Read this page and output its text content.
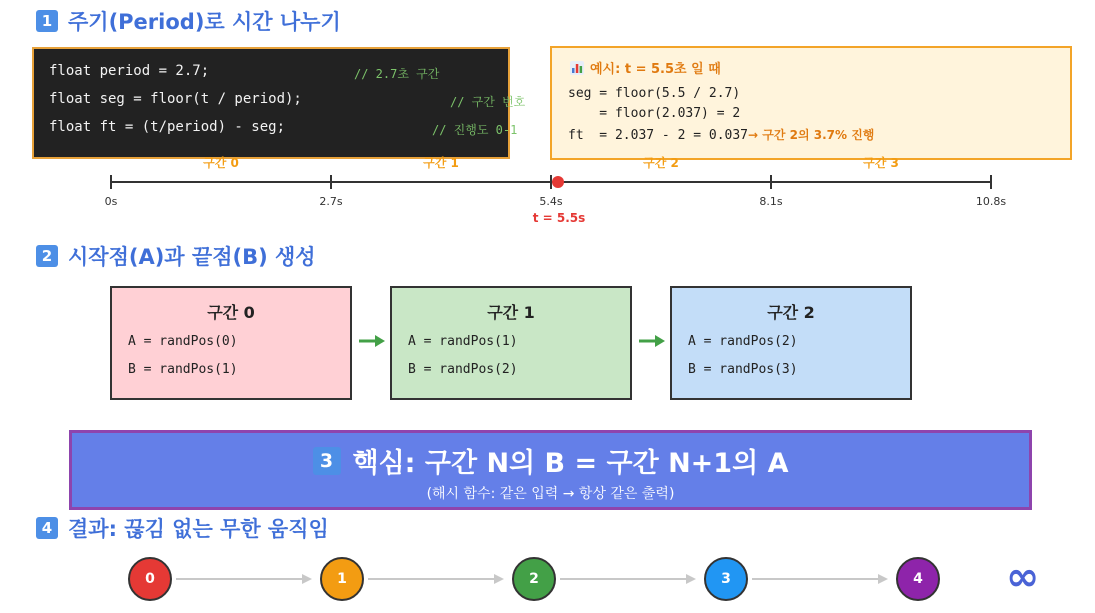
1 주기(Period)로 시간 나누기
float period = 2.7;	// 2.7초 구간
float seg = floor(t / period);	// 구간 번호
float ft = (t/period) - seg;	// 진행도 0-1
예시: t = 5.5초 일 때
seg = floor(5.5 / 2.7)
= floor(2.037) = 2
ft  = 2.037 - 2 = 0.037→ 구간 2의 3.7% 진행
구간 0	구간 1	구간 2	구간 3
0s	2.7s	5.4s	8.1s	10.8s
t = 5.5s
2 시작점(A)과 끝점(B) 생성
구간 0
A = randPos(0)
B = randPos(1)
구간 1
A = randPos(1)
B = randPos(2)
구간 2
A = randPos(2)
B = randPos(3)
3 핵심: 구간 N의 B = 구간 N+1의 A
(해시 함수: 같은 입력 → 항상 같은 출력)
4 결과: 끊김 없는 무한 움직임
0	1	2	3	4 ∞
